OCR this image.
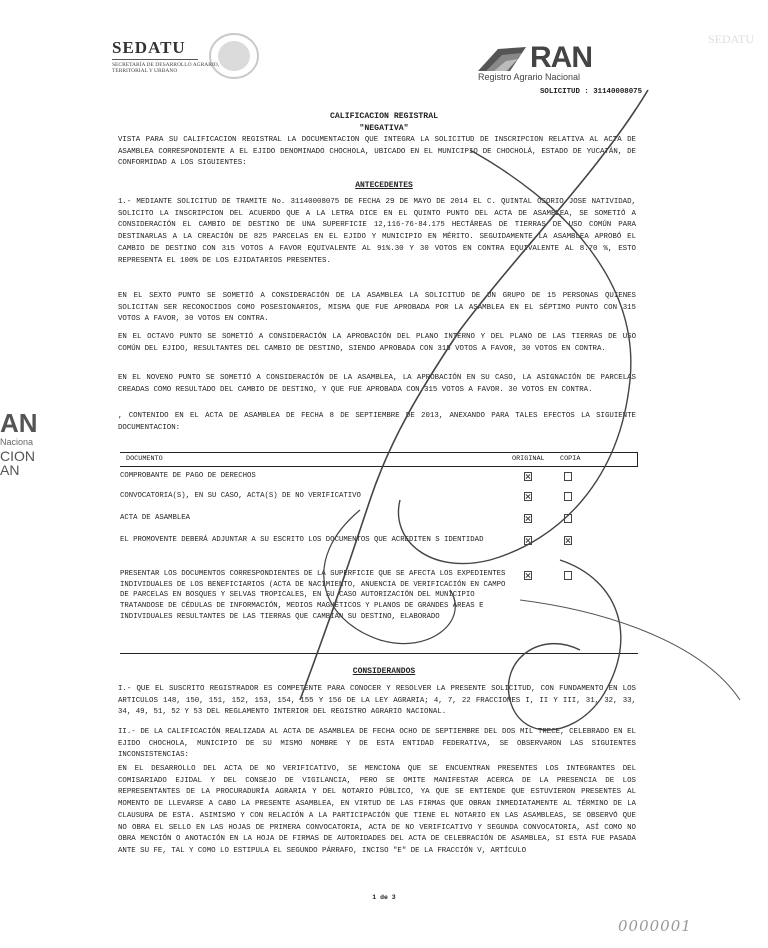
SEDATU
SECRETARÍA DE DESARROLLO AGRARIO, TERRITORIAL Y URBANO	RAN
Registro Agrario Nacional
SEDATU
SOLICITUD : 31140008075
AN
Naciona
CION
AN
CALIFICACION REGISTRAL
"NEGATIVA"
VISTA PARA SU CALIFICACION REGISTRAL LA DOCUMENTACION QUE INTEGRA LA SOLICITUD DE INSCRIPCION RELATIVA AL ACTA DE ASAMBLEA CORRESPONDIENTE A EL EJIDO DENOMINADO CHOCHOLA, UBICADO EN EL MUNICIPIO DE CHOCHOLÁ, ESTADO DE YUCATÁN, DE CONFORMIDAD A LOS SIGUIENTES:
ANTECEDENTES
1.- MEDIANTE SOLICITUD DE TRAMITE No. 31140008075 DE FECHA 29 DE MAYO DE 2014 EL C. QUINTAL OSORIO JOSE NATIVIDAD, SOLICITO LA INSCRIPCION DEL ACUERDO QUE A LA LETRA DICE EN EL QUINTO PUNTO DEL ACTA DE ASAMBLEA, SE SOMETIÓ A CONSIDERACIÓN EL CAMBIO DE DESTINO DE UNA SUPERFICIE 12,116-76-84.175 HECTÁREAS DE TIERRAS DE USO COMÚN PARA DESTINARLAS A LA CREACIÓN DE 825 PARCELAS EN EL EJIDO Y MUNICIPIO EN MÉRITO. SEGUIDAMENTE LA ASAMBLEA APROBÓ EL CAMBIO DE DESTINO CON 315 VOTOS A FAVOR EQUIVALENTE AL 91%.30 Y 30 VOTOS EN CONTRA EQUIVALENTE AL 8.70 %, ESTO REPRESENTA EL 100% DE LOS EJIDATARIOS PRESENTES.
EN EL SEXTO PUNTO SE SOMETIÓ A CONSIDERACIÓN DE LA ASAMBLEA LA SOLICITUD DE UN GRUPO DE 15 PERSONAS QUIENES SOLICITAN SER RECONOCIDOS COMO POSESIONARIOS, MISMA QUE FUE APROBADA POR LA ASAMBLEA EN EL SÉPTIMO PUNTO CON 315 VOTOS A FAVOR, 30 VOTOS EN CONTRA.
EN EL OCTAVO PUNTO SE SOMETIÓ A CONSIDERACIÓN LA APROBACIÓN DEL PLANO INTERNO Y DEL PLANO DE LAS TIERRAS DE USO COMÚN DEL EJIDO, RESULTANTES DEL CAMBIO DE DESTINO, SIENDO APROBADA CON 315 VOTOS A FAVOR, 30 VOTOS EN CONTRA.
EN EL NOVENO PUNTO SE SOMETIÓ A CONSIDERACIÓN DE LA ASAMBLEA, LA APROBACIÓN EN SU CASO, LA ASIGNACIÓN DE PARCELAS CREADAS COMO RESULTADO DEL CAMBIO DE DESTINO, Y QUE FUE APROBADA CON 315 VOTOS A FAVOR. 30 VOTOS EN CONTRA.
, CONTENIDO EN EL ACTA DE ASAMBLEA DE FECHA 8 DE SEPTIEMBRE DE 2013, ANEXANDO PARA TALES EFECTOS LA SIGUIENTE DOCUMENTACION:
DOCUMENTO	ORIGINAL COPIA
COMPROBANTE DE PAGO DE DERECHOS
CONVOCATORIA(S), EN SU CASO, ACTA(S) DE NO VERIFICATIVO
ACTA DE ASAMBLEA
EL PROMOVENTE DEBERÁ ADJUNTAR A SU ESCRITO LOS DOCUMENTOS QUE ACREDITEN S IDENTIDAD
PRESENTAR LOS DOCUMENTOS CORRESPONDIENTES DE LA SUPERFICIE QUE SE AFECTA LOS EXPEDIENTES INDIVIDUALES DE LOS BENEFICIARIOS (ACTA DE NACIMIENTO, ANUENCIA DE VERIFICACIÓN EN CAMPO DE PARCELAS EN BOSQUES Y SELVAS TROPICALES, EN SU CASO AUTORIZACIÓN DEL MUNICIPIO TRATANDOSE DE CÉDULAS DE INFORMACIÓN, MEDIOS MAGNÉTICOS Y PLANOS DE GRANDES ÁREAS E INDIVIDUALES RESULTANTES DE LAS TIERRAS QUE CAMBIAN SU DESTINO, ELABORADO
CONSIDERANDOS
I.- QUE EL SUSCRITO REGISTRADOR ES COMPETENTE PARA CONOCER Y RESOLVER LA PRESENTE SOLICITUD, CON FUNDAMENTO EN LOS ARTICULOS 148, 150, 151, 152, 153, 154, 155 Y 156 DE LA LEY AGRARIA; 4, 7, 22 FRACCIONES I, II Y III, 31, 32, 33, 34, 49, 51, 52 Y 53 DEL REGLAMENTO INTERIOR DEL REGISTRO AGRARIO NACIONAL.
II.- DE LA CALIFICACIÓN REALIZADA AL ACTA DE ASAMBLEA DE FECHA OCHO DE SEPTIEMBRE DEL DOS MIL TRECE, CELEBRADO EN EL EJIDO CHOCHOLA, MUNICIPIO DE SU MISMO NOMBRE Y DE ESTA ENTIDAD FEDERATIVA, SE OBSERVARON LAS SIGUIENTES INCONSISTENCIAS:
EN EL DESARROLLO DEL ACTA DE NO VERIFICATIVO, SE MENCIONA QUE SE ENCUENTRAN PRESENTES LOS INTEGRANTES DEL COMISARIADO EJIDAL Y DEL CONSEJO DE VIGILANCIA, PERO SE OMITE MANIFESTAR ACERCA DE LA PRESENCIA DE LOS REPRESENTANTES DE LA PROCURADURÍA AGRARIA Y DEL NOTARIO PÚBLICO, YA QUE SE ENTIENDE QUE ESTUVIERON PRESENTES AL MOMENTO DE LLEVARSE A CABO LA PRESENTE ASAMBLEA, EN VIRTUD DE LAS FIRMAS QUE OBRAN INMEDIATAMENTE AL TÉRMINO DE LA CLAUSURA DE ESTA. ASIMISMO Y CON RELACIÓN A LA PARTICIPACIÓN QUE TIENE EL NOTARIO EN LAS ASAMBLEAS, SE OBSERVÓ QUE NO OBRA EL SELLO EN LAS HOJAS DE PRIMERA CONVOCATORIA, ACTA DE NO VERIFICATIVO Y SEGUNDA CONVOCATORIA, ASÍ COMO NO OBRA MENCIÓN O ANOTACIÓN EN LA HOJA DE FIRMAS DE AUTORIDADES DEL ACTA DE CELEBRACIÓN DE ASAMBLEA, SI ESTA FUE PASADA ANTE SU FE, TAL Y COMO LO ESTIPULA EL SEGUNDO PÁRRAFO, INCISO "E" DE LA FRACCIÓN V, ARTÍCULO
1 de 3
0000001
